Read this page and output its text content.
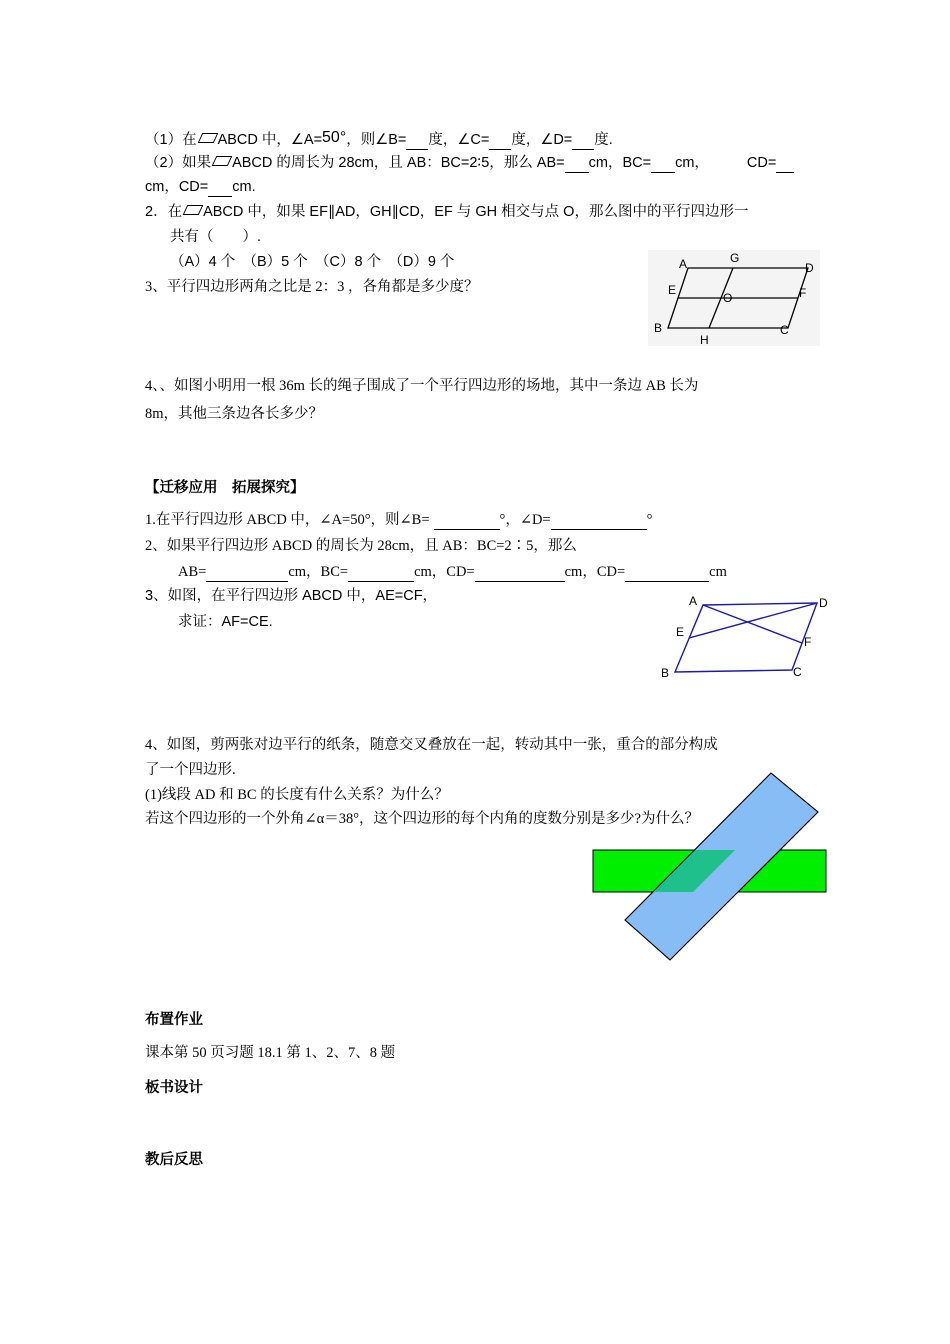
（1）在 ABCD 中，∠A=50°，则∠B= 度，∠C= 度，∠D= 度.
（2）如果 ABCD 的周长为 28cm，且 AB：BC=2∶5，那么 AB= cm，BC= cm，	CD=
cm，CD= cm.
2．在 ABCD 中，如果 EF∥AD，GH∥CD，EF 与 GH 相交与点 O，那么图中的平行四边形一
共有（　　）.
（A）4 个　（B）5 个　（C）8 个　（D）9 个
3、平行四边形两角之比是 2：3 ，各角都是多少度？
4、、如图小明用一根 36m 长的绳子围成了一个平行四边形的场地，其中一条边 AB 长为
8m，其他三条边各长多少？
A	G
D
E
O	F
B
H
C
【迁移应用　拓展探究】
1.在平行四边形 ABCD 中，∠A=50°，则∠B=	°，∠D=	°
2、如果平行四边形 ABCD 的周长为 28cm，且 AB：BC=2∶5，那么
AB=	cm，BC=	cm，CD=	cm，CD=	cm
3、如图，在平行四边形 ABCD 中，AE=CF，
求证：AF=CE.
A	D
E
F
B	C
4、如图，剪两张对边平行的纸条，随意交叉叠放在一起，转动其中一张，重合的部分构成
了一个四边形.
(1)线段 AD 和 BC 的长度有什么关系？为什么？
若这个四边形的一个外角∠α＝38°，这个四边形的每个内角的度数分别是多少?为什么？
布置作业
课本第 50 页习题 18.1 第 1、2、7、8 题
板书设计
教后反思
